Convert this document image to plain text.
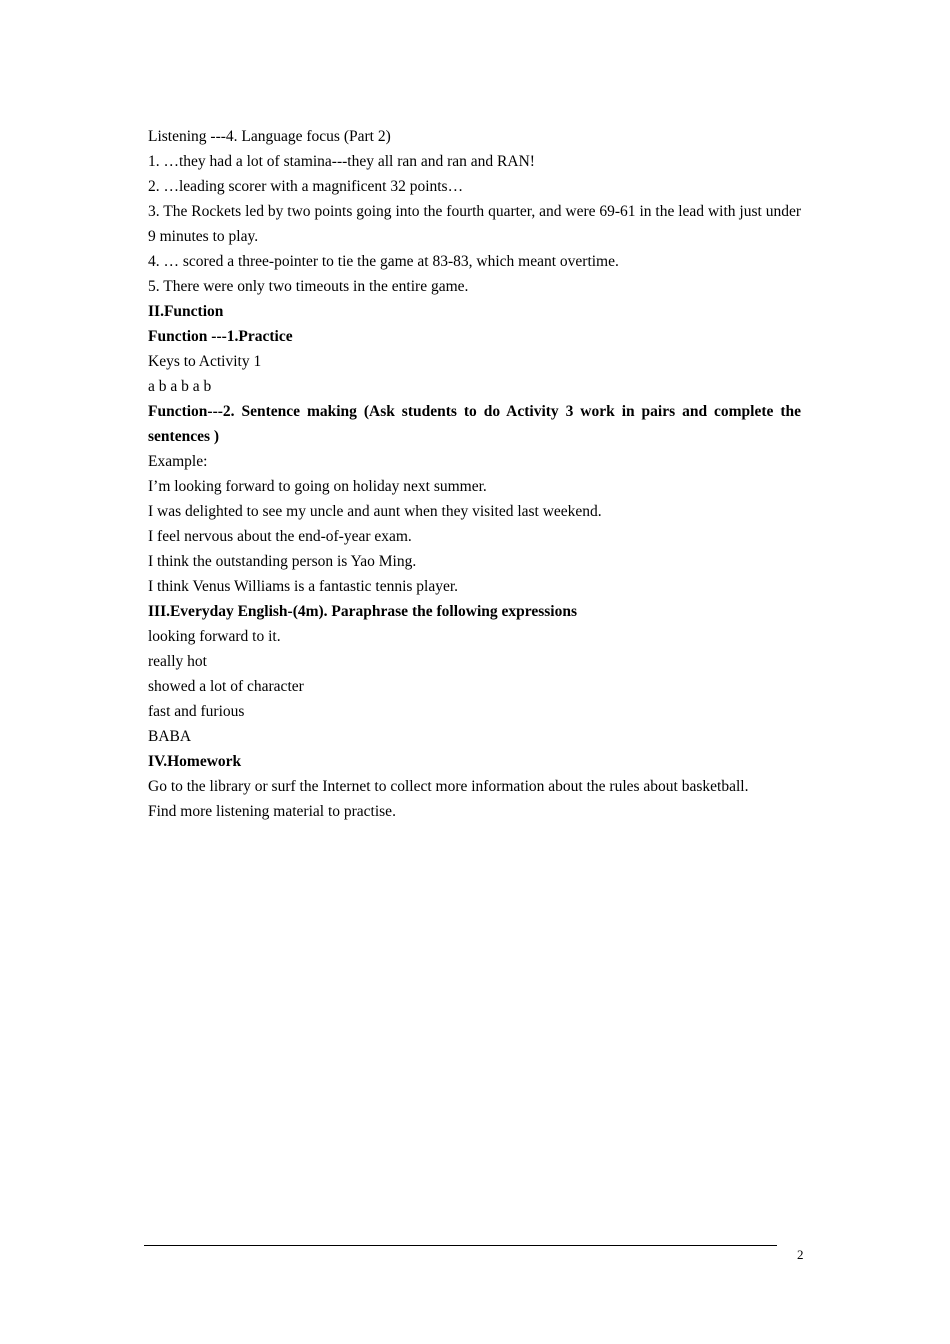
Listening ---4. Language focus (Part 2)

1. …they had a lot of stamina---they all ran and ran and RAN!

2. …leading scorer with a magnificent 32 points…

3. The Rockets led by two points going into the fourth quarter, and were 69-61 in the lead with just under 9 minutes to play.

4. … scored a three-pointer to tie the game at 83-83, which meant overtime.

5. There were only two timeouts in the entire game.

II.Function

Function ---1.Practice

Keys to Activity 1

a b a b a b

Function---2. Sentence making (Ask students to do Activity 3 work in pairs and complete the sentences )

Example:

I’m looking forward to going on holiday next summer.

I was delighted to see my uncle and aunt when they visited last weekend.

I feel nervous about the end-of-year exam.

I think the outstanding person is Yao Ming.

I think Venus Williams is a fantastic tennis player.

III.Everyday English-(4m). Paraphrase the following expressions

looking forward to it.

really hot

showed a lot of character

fast and furious

BABA

IV.Homework

Go to the library or surf the Internet to collect more information about the rules about basketball.

Find more listening material to practise.

2
